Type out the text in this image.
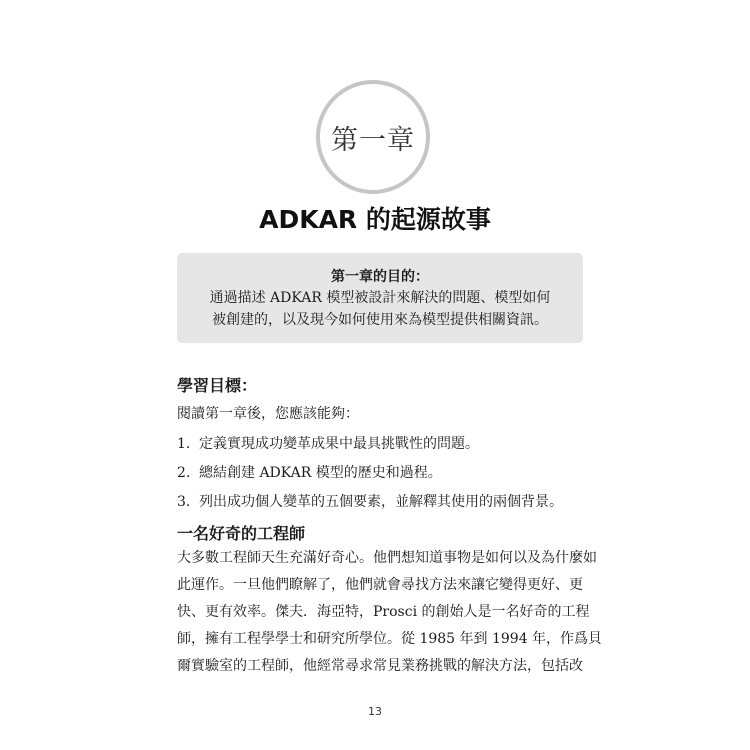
第一章
ADKAR 的起源故事
第一章的目的：
通過描述 ADKAR 模型被設計來解決的問題、模型如何
被創建的，以及現今如何使用來為模型提供相關資訊。
學習目標：
閱讀第一章後，您應該能夠：
1. 定義實現成功變革成果中最具挑戰性的問題。
2. 總結創建 ADKAR 模型的歷史和過程。
3. 列出成功個人變革的五個要素，並解釋其使用的兩個背景。
一名好奇的工程師
大多數工程師天生充滿好奇心。他們想知道事物是如何以及為什麼如
此運作。一旦他們瞭解了，他們就會尋找方法來讓它變得更好、更
快、更有效率。傑夫．海亞特，Prosci 的創始人是一名好奇的工程
師，擁有工程學學士和研究所學位。從 1985 年到 1994 年，作爲貝
爾實驗室的工程師，他經常尋求常見業務挑戰的解決方法，包括改
13
